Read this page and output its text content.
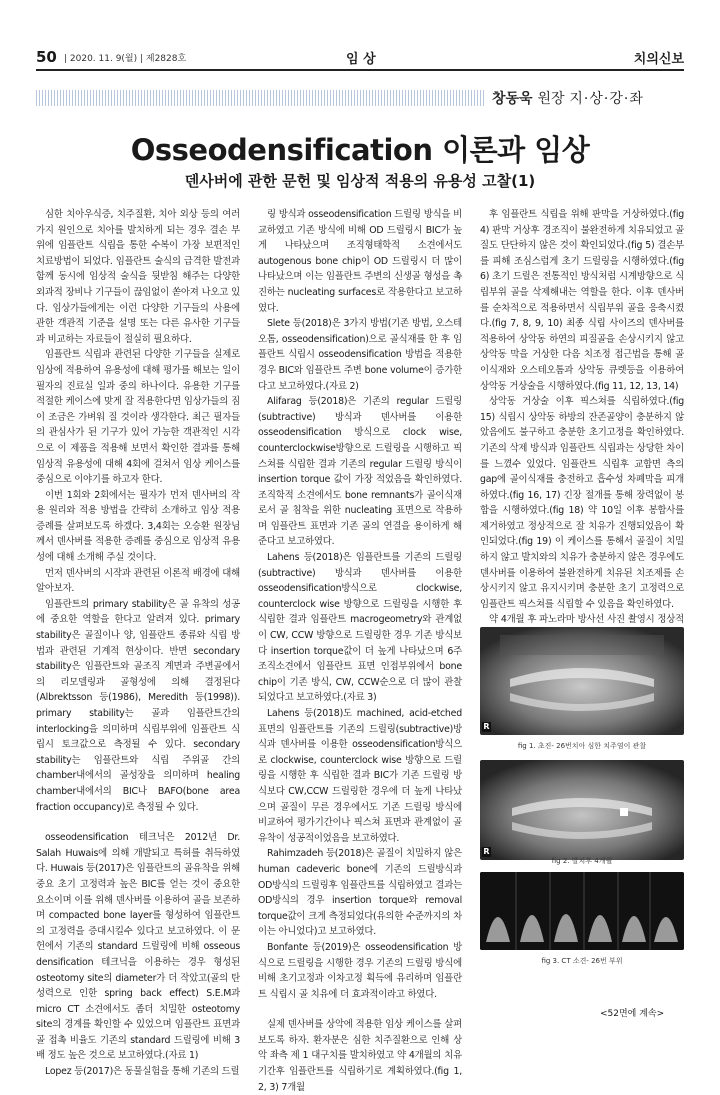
50 | 2020. 11. 9(월) | 제2828호	임 상	치의신보
창동욱 원장 지·상·강·좌
Osseodensification 이론과 임상
덴사버에 관한 문헌 및 임상적 적용의 유용성 고찰(1)

심한 치아우식증, 치주질환, 치아 외상 등의 여러 가지 원인으로 치아를 발치하게 되는 경우 결손 부위에 임플란트 식립을 통한 수복이 가장 보편적인 치료방법이 되었다. 임플란트 술식의 급격한 발전과 함께 동시에 임상적 술식을 뒷받침 해주는 다양한 외과적 장비나 기구들이 끊임없이 쏟아져 나오고 있다. 임상가들에게는 이런 다양한 기구들의 사용에 관한 객관적 기준을 설명 또는 다른 유사한 기구들과 비교하는 자료들이 절실히 필요하다.

임플란트 식립과 관련된 다양한 기구들을 실제로 임상에 적용하여 유용성에 대해 평가를 해보는 일이 필자의 진료실 일과 중의 하나이다. 유용한 기구를 적절한 케이스에 맞게 잘 적용한다면 임상가들의 짐이 조금은 가벼워 질 것이라 생각한다. 최근 필자들의 관심사가 된 기구가 있어 가능한 객관적인 시각으로 이 제품을 적용해 보면서 확인한 결과를 통해 임상적 유용성에 대해 4회에 걸쳐서 임상 케이스를 중심으로 이야기를 하고자 한다.

이번 1회와 2회에서는 필자가 먼저 덴사버의 작용 원리와 적용 방법을 간략히 소개하고 임상 적용 증례를 살펴보도록 하겠다. 3,4회는 오승환 원장님께서 덴사버를 적용한 증례를 중심으로 임상적 유용성에 대해 소개해 주실 것이다.

먼저 덴사버의 시작과 관련된 이론적 배경에 대해 알아보자.

임플란트의 primary stability은 골 유착의 성공에 중요한 역할을 한다고 알려져 있다. primary stability은 골질이나 양, 임플란트 종류와 식립 방법과 관련된 기계적 현상이다. 반면 secondary stability은 임플란트와 골조직 계면과 주변골에서의 리모델링과 골형성에 의해 결정된다(Albrektsson 등(1986), Meredith 등(1998)). primary stability는 골과 임플란트간의 interlocking을 의미하며 식립부위에 임플란트 식립시 토크값으로 측정될 수 있다. secondary stability는 임플란트와 식립 주위골 간의 chamber내에서의 골성장을 의미하며 healing chamber내에서의 BIC나 BAFO(bone area fraction occupancy)로 측정될 수 있다.

osseodensification 테크닉은 2012년 Dr. Salah Huwais에 의해 개발되고 특허를 취득하였다. Huwais 등(2017)은 임플란트의 골유착을 위해 중요 초기 고정력과 높은 BIC를 얻는 것이 중요한 요소이며 이를 위해 덴사버를 이용하여 골을 보존하며 compacted bone layer를 형성하여 임플란트의 고정력을 증대시킬수 있다고 보고하였다. 이 문헌에서 기존의 standard 드릴링에 비해 osseous densification 테크닉을 이용하는 경우 형성된 osteotomy site의 diameter가 더 작았고(골의 탄성력으로 인한 spring back effect) S.E.M과 micro CT 소견에서도 좀더 치밀한 osteotomy site의 경계를 확인할 수 있었으며 임플란트 표면과 골 접촉 비율도 기존의 standard 드릴링에 비해 3배 정도 높은 것으로 보고하였다.(자료 1)

Lopez 등(2017)은 동물실험을 통해 기존의 드릴

링 방식과 osseodensification 드릴링 방식을 비교하였고 기존 방식에 비해 OD 드릴링시 BIC가 높게 나타났으며 조직형태학적 소견에서도 autogenous bone chip이 OD 드릴링시 더 많이 나타났으며 이는 임플란트 주변의 신생골 형성을 촉진하는 nucleating surfaces로 작용한다고 보고하였다.

Slete 등(2018)은 3가지 방법(기존 방법, 오스테오톰, osseodensification)으로 골식재를 한 후 임플란트 식립시 osseodensification 방법을 적용한 경우 BIC와 임플란트 주변 bone volume이 증가한다고 보고하였다.(자료 2)

Alifarag 등(2018)은 기존의 regular 드릴링(subtractive) 방식과 덴사버를 이용한 osseodensification 방식으로 clock wise, counterclockwise방향으로 드릴링을 시행하고 픽스쳐를 식립한 결과 기존의 regular 드릴링 방식이 insertion torque 값이 가장 적었음을 확인하였다. 조직학적 소견에서도 bone remnants가 골이식재로서 골 침착을 위한 nucleating 표면으로 작용하며 임플란트 표면과 기존 골의 연결을 용이하게 해준다고 보고하였다.

Lahens 등(2018)은 임플란트를 기존의 드릴링(subtractive) 방식과 덴사버를 이용한 osseodensification방식으로 clockwise, counterclock wise 방향으로 드릴링을 시행한 후 식립한 결과 임플란트 macrogeometry와 관계없이 CW, CCW 방향으로 드릴링한 경우 기존 방식보다 insertion torque값이 더 높게 나타났으며 6주 조직소견에서 임플란트 표면 인접부위에서 bone chip이 기존 방식, CW, CCW순으로 더 많이 관찰되었다고 보고하였다.(자료 3)

Lahens 등(2018)도 machined, acid-etched표면의 임플란트를 기존의 드릴링(subtractive)방식과 덴사버를 이용한 osseodensification방식으로 clockwise, counterclock wise 방향으로 드릴링을 시행한 후 식립한 결과 BIC가 기존 드릴링 방식보다 CW,CCW 드릴링한 경우에 더 높게 나타났으며 골질이 무른 경우에서도 기존 드릴링 방식에 비교하여 평가기간이나 픽스쳐 표면과 관계없이 골유착이 성공적이었음을 보고하였다.

Rahimzadeh 등(2018)은 골질이 치밀하지 않은 human cadeveric bone에 기존의 드릴방식과 OD방식의 드릴링후 임플란트를 식립하였고 결과는 OD방식의 경우 insertion torque와 removal torque값이 크게 측정되었다(유의한 수준까지의 차이는 아니었다)고 보고하였다.

Bonfante 등(2019)은 osseodensification 방식으로 드릴링을 시행한 경우 기존의 드릴링 방식에 비해 초기고정과 이차고정 획득에 유리하며 임플란트 식립시 골 치유에 더 효과적이라고 하였다.

실제 덴사버를 상악에 적용한 임상 케이스를 살펴보도록 하자. 환자분은 심한 치주질환으로 인해 상악 좌측 제 1 대구치를 발치하였고 약 4개월의 치유 기간후 임플란트를 식립하기로 계획하였다.(fig 1, 2, 3) 7개월

후 임플란트 식립을 위해 판막을 거상하였다.(fig 4) 판막 거상후 경조직이 불완전하게 치유되었고 골질도 단단하지 않은 것이 확인되었다.(fig 5) 결손부를 피해 조심스럽게 초기 드릴링을 시행하였다.(fig 6) 초기 드릴은 전통적인 방식처럼 시계방향으로 식립부위 골을 삭제해내는 역할을 한다. 이후 덴사버를 순차적으로 적용하면서 식립부위 골을 응축시켰다.(fig 7, 8, 9, 10) 최종 식립 사이즈의 덴사버를 적용하여 상악동 하연의 피질골을 손상시키지 않고 상악동 막을 거상한 다음 치조정 접근법을 통해 골이식재와 오스테오톰과 상악동 큐렛등을 이용하여 상악동 거상술을 시행하였다.(fig 11, 12, 13, 14)

상악동 거상술 이후 픽스쳐를 식립하였다.(fig 15) 식립시 상악동 하방의 잔존골양이 충분하지 않았음에도 불구하고 충분한 초기고정을 확인하였다. 기존의 삭제 방식과 임플란트 식립과는 상당한 차이를 느꼈수 있었다. 임플란트 식립후 교합면 측의 gap에 골이식재를 충전하고 흡수성 차폐막을 피개하였다.(fig 16, 17) 긴장 절개를 통해 장력없이 봉합을 시행하였다.(fig 18) 약 10일 이후 봉합사를 제거하였고 정상적으로 잘 치유가 진행되었음이 확인되었다.(fig 19) 이 케이스를 통해서 골질이 치밀하지 않고 발치와의 치유가 충분하지 않은 경우에도 덴사버를 이용하여 불완전하게 치유된 치조제를 손상시키지 않고 유지시키며 충분한 초기 고정력으로 임플란트 픽스쳐를 식립할 수 있음을 확인하였다.

약 4개월 후 파노라마 방사선 사진 촬영시 정상적

R
fig 1. 초진- 26번치아 심한 치주염이 관찰
R
fig 2. 발치후 4개월
fig 3. CT 소견- 26번 부위
<52면에 계속>
